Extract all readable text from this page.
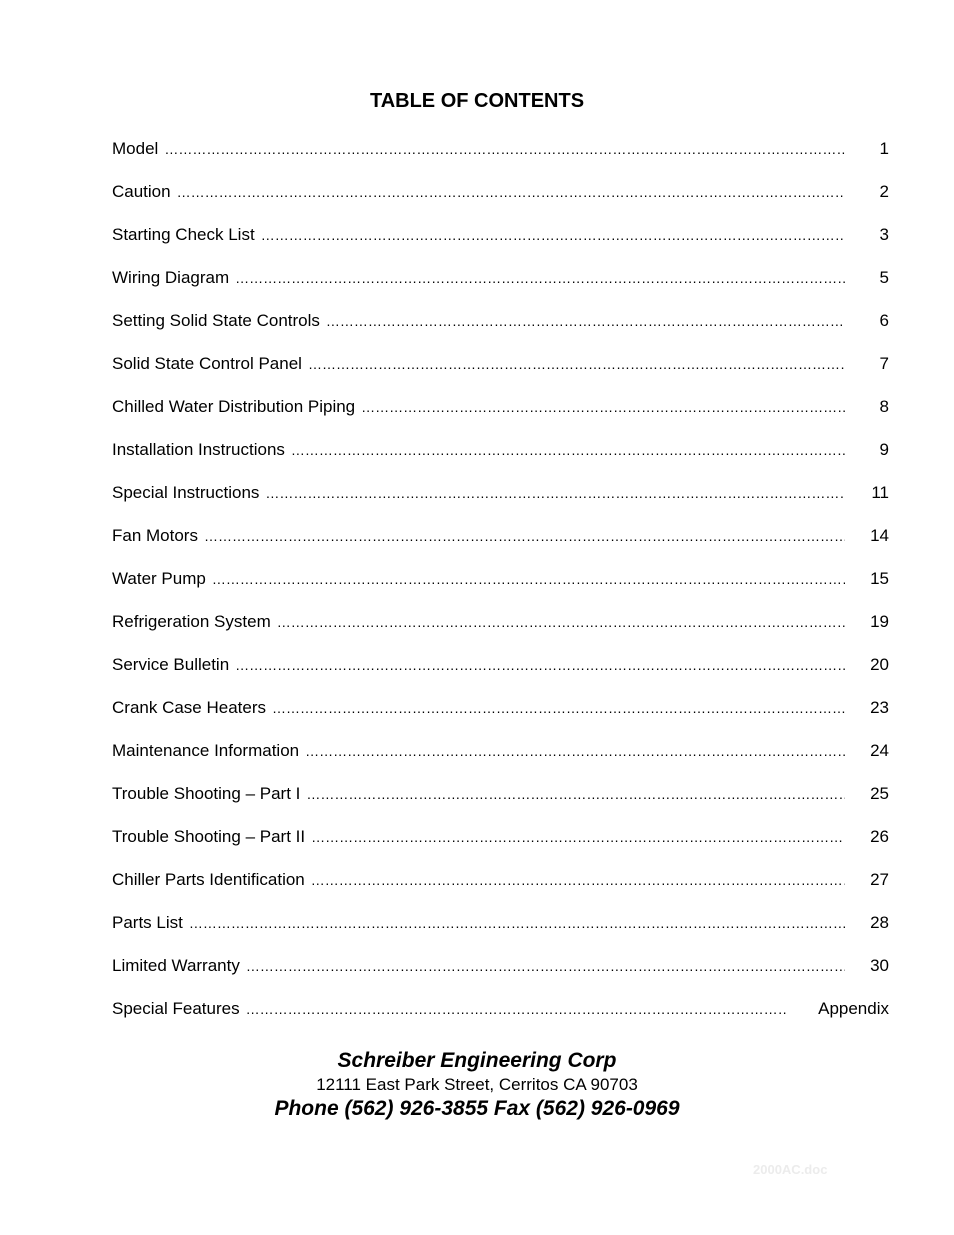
TABLE OF CONTENTS
Model ………………………………………………………………………………………………………………………………………………………………………………	1
Caution ………………………………………………………………………………………………………………………………………………………………………………	2
Starting Check List ………………………………………………………………………………………………………………………………………………………………………………	3
Wiring Diagram ………………………………………………………………………………………………………………………………………………………………………………	5
Setting Solid State Controls ………………………………………………………………………………………………………………………………………………………………………………	6
Solid State Control Panel ………………………………………………………………………………………………………………………………………………………………………………	7
Chilled Water Distribution Piping ………………………………………………………………………………………………………………………………………………………………………………	8
Installation Instructions ………………………………………………………………………………………………………………………………………………………………………………	9
Special Instructions ………………………………………………………………………………………………………………………………………………………………………………	11
Fan Motors ………………………………………………………………………………………………………………………………………………………………………………	14
Water Pump ………………………………………………………………………………………………………………………………………………………………………………	15
Refrigeration System ………………………………………………………………………………………………………………………………………………………………………………	19
Service Bulletin ………………………………………………………………………………………………………………………………………………………………………………	20
Crank Case Heaters ………………………………………………………………………………………………………………………………………………………………………………	23
Maintenance Information ………………………………………………………………………………………………………………………………………………………………………………	24
Trouble Shooting – Part I ………………………………………………………………………………………………………………………………………………………………………………	25
Trouble Shooting – Part II ………………………………………………………………………………………………………………………………………………………………………………	26
Chiller Parts Identification ………………………………………………………………………………………………………………………………………………………………………………	27
Parts List ………………………………………………………………………………………………………………………………………………………………………………	28
Limited Warranty ………………………………………………………………………………………………………………………………………………………………………………	30
Special Features ………………………………………………………………………………………………………………………………………………………………………………	Appendix
Schreiber Engineering Corp
12111 East Park Street, Cerritos CA 90703
Phone (562) 926-3855 Fax (562) 926-0969
2000AC.doc
